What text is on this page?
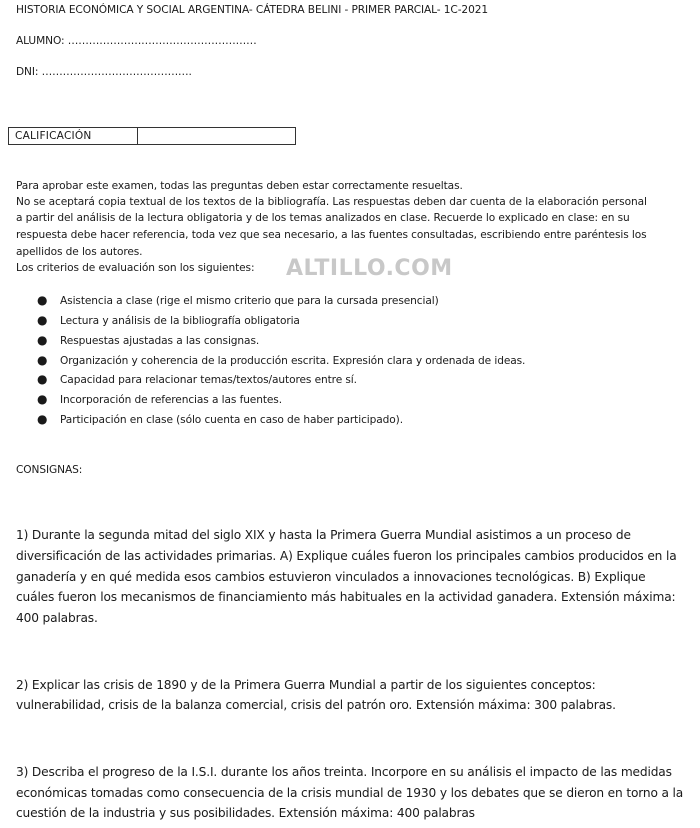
HISTORIA ECONÓMICA Y SOCIAL ARGENTINA- CÁTEDRA BELINI - PRIMER PARCIAL- 1C-2021
ALUMNO: ………………………………………………
DNI: …………………………………….
CALIFICACIÓN
Para aprobar este examen, todas las preguntas deben estar correctamente resueltas.
No se aceptará copia textual de los textos de la bibliografía. Las respuestas deben dar cuenta de la elaboración personal
a partir del análisis de la lectura obligatoria y de los temas analizados en clase. Recuerde lo explicado en clase: en su
respuesta debe hacer referencia, toda vez que sea necesario, a las fuentes consultadas, escribiendo entre paréntesis los
apellidos de los autores.
Los criterios de evaluación son los siguientes: ALTILLO.COM
● Asistencia a clase (rige el mismo criterio que para la cursada presencial)
● Lectura y análisis de la bibliografía obligatoria
● Respuestas ajustadas a las consignas.
● Organización y coherencia de la producción escrita. Expresión clara y ordenada de ideas.
● Capacidad para relacionar temas/textos/autores entre sí.
● Incorporación de referencias a las fuentes.
● Participación en clase (sólo cuenta en caso de haber participado).
CONSIGNAS:
1) Durante la segunda mitad del siglo XIX y hasta la Primera Guerra Mundial asistimos a un proceso de
diversificación de las actividades primarias. A) Explique cuáles fueron los principales cambios producidos en la
ganadería y en qué medida esos cambios estuvieron vinculados a innovaciones tecnológicas. B) Explique
cuáles fueron los mecanismos de financiamiento más habituales en la actividad ganadera. Extensión máxima:
400 palabras.
2) Explicar las crisis de 1890 y de la Primera Guerra Mundial a partir de los siguientes conceptos:
vulnerabilidad, crisis de la balanza comercial, crisis del patrón oro. Extensión máxima: 300 palabras.
3) Describa el progreso de la I.S.I. durante los años treinta. Incorpore en su análisis el impacto de las medidas
económicas tomadas como consecuencia de la crisis mundial de 1930 y los debates que se dieron en torno a la
cuestión de la industria y sus posibilidades. Extensión máxima: 400 palabras
